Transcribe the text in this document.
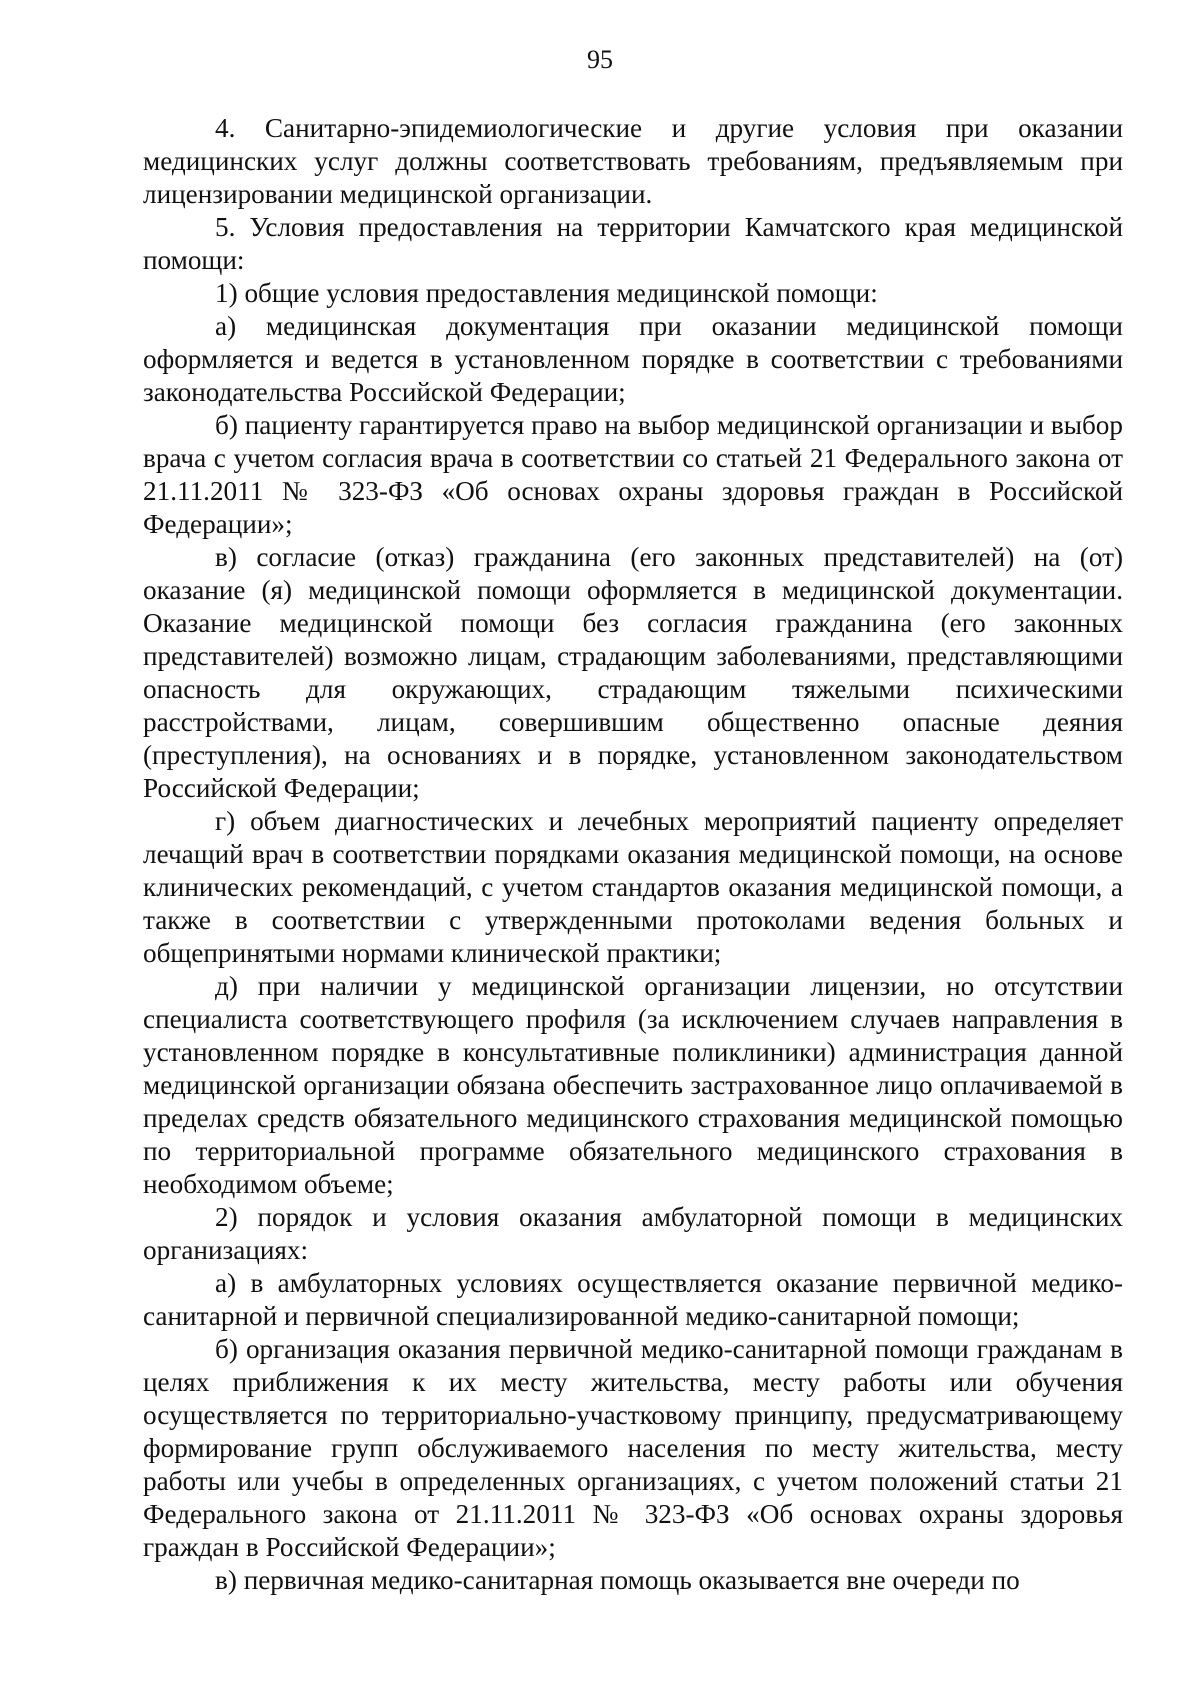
95

4. Санитарно-эпидемиологические и другие условия при оказании медицинских услуг должны соответствовать требованиям, предъявляемым при лицензировании медицинской организации.

5. Условия предоставления на территории Камчатского края медицинской помощи:

1) общие условия предоставления медицинской помощи:

а) медицинская документация при оказании медицинской помощи оформляется и ведется в установленном порядке в соответствии с требованиями законодательства Российской Федерации;

б) пациенту гарантируется право на выбор медицинской организации и выбор врача с учетом согласия врача в соответствии со статьей 21 Федерального закона от 21.11.2011 № 323-ФЗ «Об основах охраны здоровья граждан в Российской Федерации»;

в) согласие (отказ) гражданина (его законных представителей) на (от) оказание (я) медицинской помощи оформляется в медицинской документации. Оказание медицинской помощи без согласия гражданина (его законных представителей) возможно лицам, страдающим заболеваниями, представляющими опасность для окружающих, страдающим тяжелыми психическими расстройствами, лицам, совершившим общественно опасные деяния (преступления), на основаниях и в порядке, установленном законодательством Российской Федерации;

г) объем диагностических и лечебных мероприятий пациенту определяет лечащий врач в соответствии порядками оказания медицинской помощи, на основе клинических рекомендаций, с учетом стандартов оказания медицинской помощи, а также в соответствии с утвержденными протоколами ведения больных и общепринятыми нормами клинической практики;

д) при наличии у медицинской организации лицензии, но отсутствии специалиста соответствующего профиля (за исключением случаев направления в установленном порядке в консультативные поликлиники) администрация данной медицинской организации обязана обеспечить застрахованное лицо оплачиваемой в пределах средств обязательного медицинского страхования медицинской помощью по территориальной программе обязательного медицинского страхования в необходимом объеме;

2) порядок и условия оказания амбулаторной помощи в медицинских организациях:

а) в амбулаторных условиях осуществляется оказание первичной медико-санитарной и первичной специализированной медико-санитарной помощи;

б) организация оказания первичной медико-санитарной помощи гражданам в целях приближения к их месту жительства, месту работы или обучения осуществляется по территориально-участковому принципу, предусматривающему формирование групп обслуживаемого населения по месту жительства, месту работы или учебы в определенных организациях, с учетом положений статьи 21 Федерального закона от 21.11.2011 № 323-ФЗ «Об основах охраны здоровья граждан в Российской Федерации»;

в) первичная медико-санитарная помощь оказывается вне очереди по
